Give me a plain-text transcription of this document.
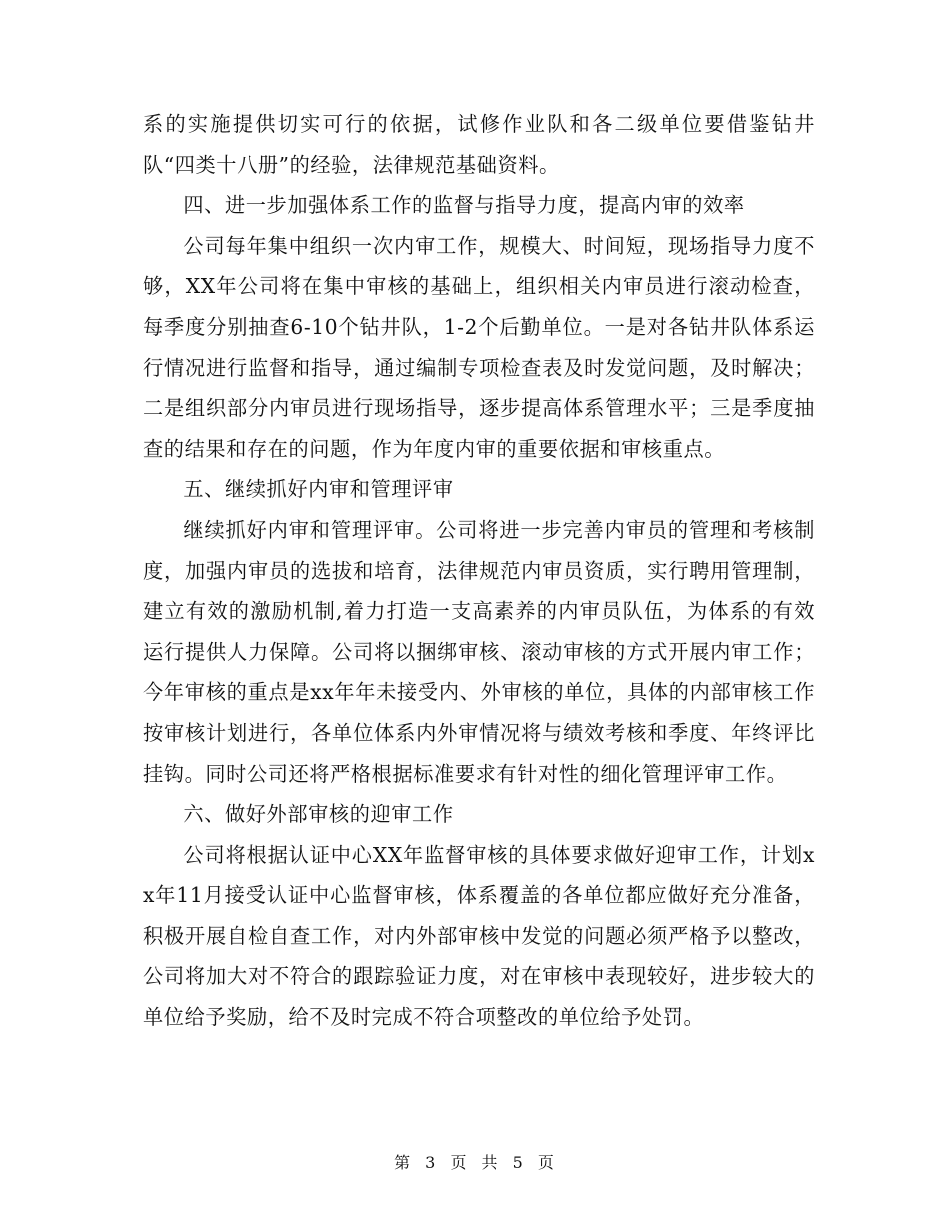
系的实施提供切实可行的依据，试修作业队和各二级单位要借鉴钻井队“四类十八册”的经验，法律规范基础资料。

四、进一步加强体系工作的监督与指导力度，提高内审的效率

公司每年集中组织一次内审工作，规模大、时间短，现场指导力度不够，XX年公司将在集中审核的基础上，组织相关内审员进行滚动检查，每季度分别抽查6-10个钻井队，1-2个后勤单位。一是对各钻井队体系运行情况进行监督和指导，通过编制专项检查表及时发觉问题，及时解决；二是组织部分内审员进行现场指导，逐步提高体系管理水平；三是季度抽查的结果和存在的问题，作为年度内审的重要依据和审核重点。

五、继续抓好内审和管理评审

继续抓好内审和管理评审。公司将进一步完善内审员的管理和考核制度，加强内审员的选拔和培育，法律规范内审员资质，实行聘用管理制，建立有效的激励机制,着力打造一支高素养的内审员队伍，为体系的有效运行提供人力保障。公司将以捆绑审核、滚动审核的方式开展内审工作；今年审核的重点是xx年年未接受内、外审核的单位，具体的内部审核工作按审核计划进行，各单位体系内外审情况将与绩效考核和季度、年终评比挂钩。同时公司还将严格根据标准要求有针对性的细化管理评审工作。

六、做好外部审核的迎审工作

公司将根据认证中心XX年监督审核的具体要求做好迎审工作，计划xx年11月接受认证中心监督审核，体系覆盖的各单位都应做好充分准备，积极开展自检自查工作，对内外部审核中发觉的问题必须严格予以整改，公司将加大对不符合的跟踪验证力度，对在审核中表现较好，进步较大的单位给予奖励，给不及时完成不符合项整改的单位给予处罚。

第 3 页 共 5 页
